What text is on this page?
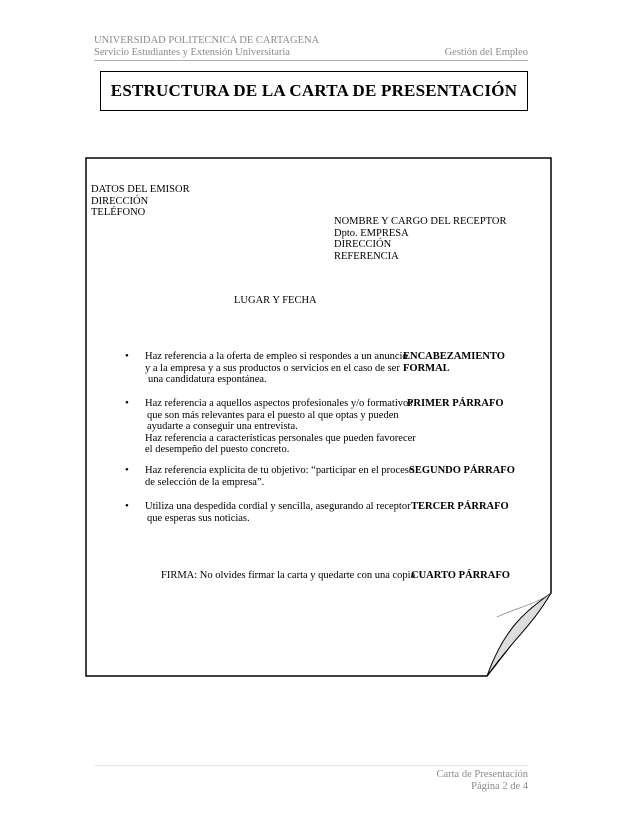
UNIVERSIDAD POLITECNICA DE CARTAGENA
Servicio Estudiantes y Extensión Universitaria	Gestión del Empleo
ESTRUCTURA DE LA CARTA DE PRESENTACIÓN
DATOS DEL EMISOR
DIRECCIÓN
TELÉFONO
NOMBRE Y CARGO DEL RECEPTOR
Dpto. EMPRESA
DIRECCIÓN
REFERENCIA
LUGAR Y FECHA
• Haz referencia a la oferta de empleo si respondes a un anuncio
y a la empresa y a sus productos o servicios en el caso de ser
una candidatura espontánea.
ENCABEZAMIENTO
FORMAL
• Haz referencia a aquellos aspectos profesionales y/o formativos
que son más relevantes para el puesto al que optas y pueden
ayudarte a conseguir una entrevista.
Haz referencia a características personales que pueden favorecer
el desempeño del puesto concreto.
PRIMER PÁRRAFO
• Haz referencia explícita de tu objetivo: “participar en el proceso
de selección de la empresa”.
SEGUNDO PÁRRAFO
• Utiliza una despedida cordial y sencilla, asegurando al receptor
que esperas sus noticias.
TERCER PÁRRAFO
FIRMA: No olvides firmar la carta y quedarte con una copia
CUARTO PÁRRAFO
Carta de Presentación
Página 2 de 4
